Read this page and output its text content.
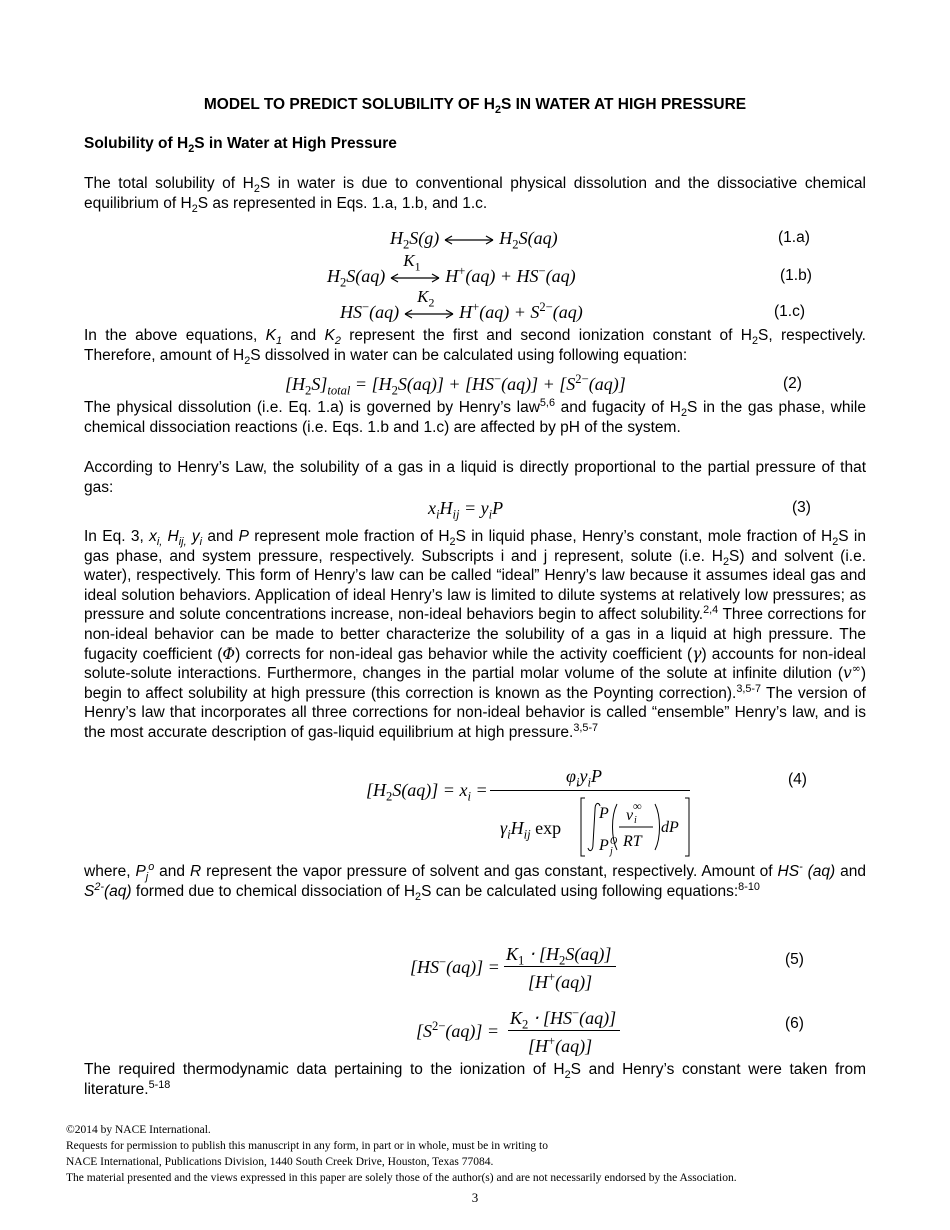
MODEL TO PREDICT SOLUBILITY OF $H_2S$ IN WATER AT HIGH PRESSURE
Solubility of $H_2S$ in Water at High Pressure

The total solubility of $H_2S$ in water is due to conventional physical dissolution and the dissociative chemical equilibrium of $H_2S$ as represented in Eqs. 1.a, 1.b, and 1.c.

$H_2S(g)$	$H_2S(aq)$	(1.a)
$H_2S(aq)$
$K_1$ H+(aq) + HS−(aq)	(1.b)
HS−(aq)
$K_2$ $H^+(aq) + S^{2-}(aq)$	(1.c)

In the above equations, $K_1$ and $K_2$ represent the first and second ionization constant of $H_2S$, respectively. Therefore, amount of $H_2S$ dissolved in water can be calculated using following equation:

$[H_2S]_{total} = [H_2S(aq)] + [HS^-(aq)] + [S^{2-}(aq)]$	(2)

The physical dissolution (i.e. Eq. 1.a) is governed by Henry’s law$^{5,6}$ and fugacity of $H_2S$ in the gas phase, while chemical dissociation reactions (i.e. Eqs. 1.b and 1.c) are affected by pH of the system.

According to Henry’s Law, the solubility of a gas in a liquid is directly proportional to the partial pressure of that gas:

$x_iH_{ij} = y_iP$	(3)

In Eq. 3, $x_{i,}$ $H_{ij,}$ $y_i$ and P represent mole fraction of $H_2S$ in liquid phase, Henry’s constant, mole fraction of $H_2S$ in gas phase, and system pressure, respectively. Subscripts i and j represent, solute (i.e. $H_2S$) and solvent (i.e. water), respectively. This form of Henry’s law can be called “ideal” Henry’s law because it assumes ideal gas and ideal solution behaviors. Application of ideal Henry’s law is limited to dilute systems at relatively low pressures; as pressure and solute concentrations increase, non-ideal behaviors begin to affect solubility.$^{2,4}$ Three corrections for non-ideal behavior can be made to better characterize the solubility of a gas in a liquid at high pressure. The fugacity coefficient (Φ) corrects for non-ideal gas behavior while the activity coefficient (γ) accounts for non-ideal solute-solute interactions. Furthermore, changes in the partial molar volume of the solute at infinite dilution (v∞) begin to affect solubility at high pressure (this correction is known as the Poynting correction).$^{3,5-7}$ The version of Henry’s law that incorporates all three corrections for non-ideal behavior is called “ensemble” Henry’s law, and is the most accurate description of gas-liquid equilibrium at high pressure.$^{3,5-7}$

$[H_2S(aq)] = x_i$ =
$\varphi_iy_iP$
$\gamma_iH_{ij}$ exp
P
P O
j
v i
∞
RT
dP
(4)

where, $P_j^o$ and R represent the vapor pressure of solvent and gas constant, respectively. Amount of HS- (aq) and $S^{2-}(aq)$ formed due to chemical dissociation of $H_2S$ can be calculated using following equations:$^{8-10}$

[HS−(aq)] =
$K_1 \cdot [H_2S(aq)]$
[H+(aq)]
(5)
$[S^{2-}(aq)]$ =
$K_2 \cdot [HS^-(aq)]$
[H+(aq)]
(6)

The required thermodynamic data pertaining to the ionization of $H_2S$ and Henry’s constant were taken from literature.$^{5-18}$

©2014 by NACE International.
Requests for permission to publish this manuscript in any form, in part or in whole, must be in writing to
NACE International, Publications Division, 1440 South Creek Drive, Houston, Texas 77084.
The material presented and the views expressed in this paper are solely those of the author(s) and are not necessarily endorsed by the Association.
3
